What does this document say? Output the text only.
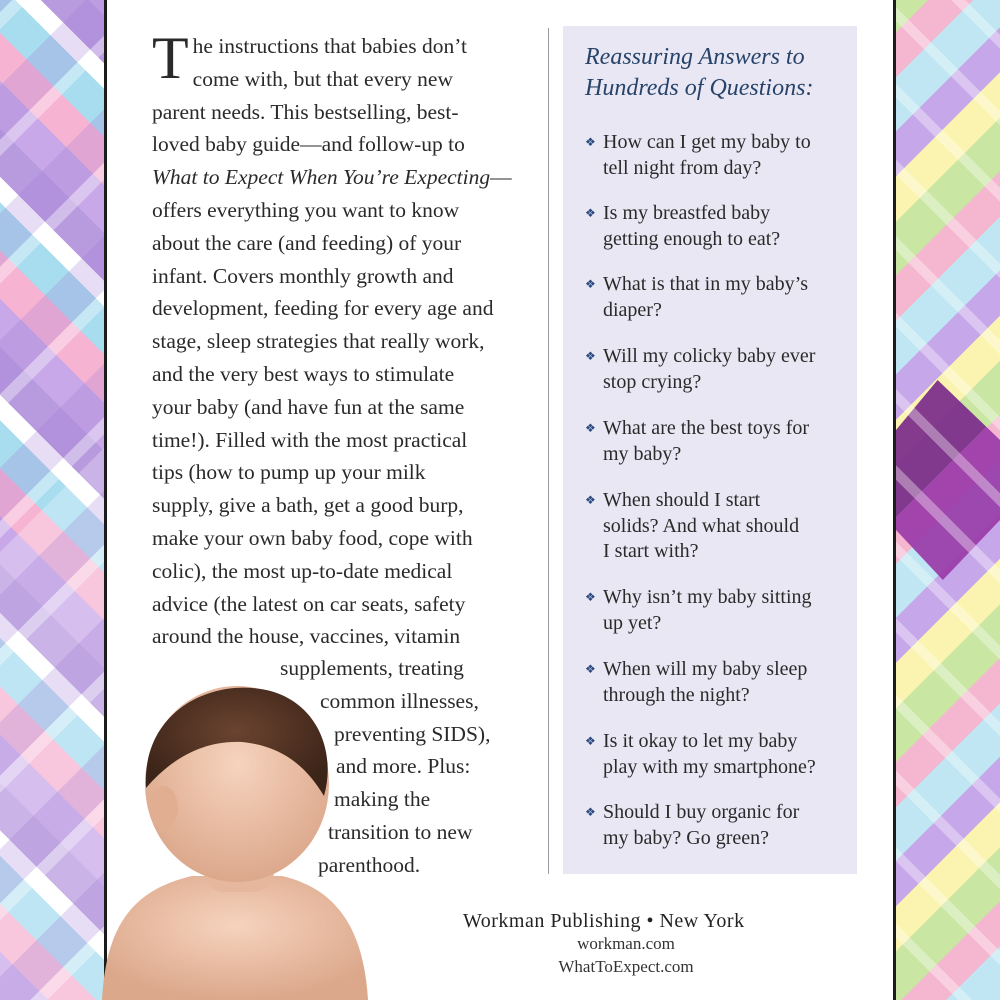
T he instructions that babies don’t
come with, but that every new
parent needs. This bestselling, best-
loved baby guide—and follow-up to
What to Expect When You’re Expecting—
offers everything you want to know
about the care (and feeding) of your
infant. Covers monthly growth and
development, feeding for every age and
stage, sleep strategies that really work,
and the very best ways to stimulate
your baby (and have fun at the same
time!). Filled with the most practical
tips (how to pump up your milk
supply, give a bath, get a good burp,
make your own baby food, cope with
colic), the most up-to-date medical
advice (the latest on car seats, safety
around the house, vaccines, vitamin
supplements, treating
common illnesses,
preventing SIDS),
and more. Plus:
making the
transition to new
parenthood.
Reassuring Answers to
Hundreds of Questions:
❖ How can I get my baby to
tell night from day?
❖ Is my breastfed baby
getting enough to eat?
❖ What is that in my baby’s
diaper?
❖ Will my colicky baby ever
stop crying?
❖ What are the best toys for
my baby?
❖ When should I start
solids? And what should
I start with?
❖ Why isn’t my baby sitting
up yet?
❖ When will my baby sleep
through the night?
❖ Is it okay to let my baby
play with my smartphone?
❖ Should I buy organic for
my baby? Go green?
Workman Publishing • New York
workman.com
WhatToExpect.com
